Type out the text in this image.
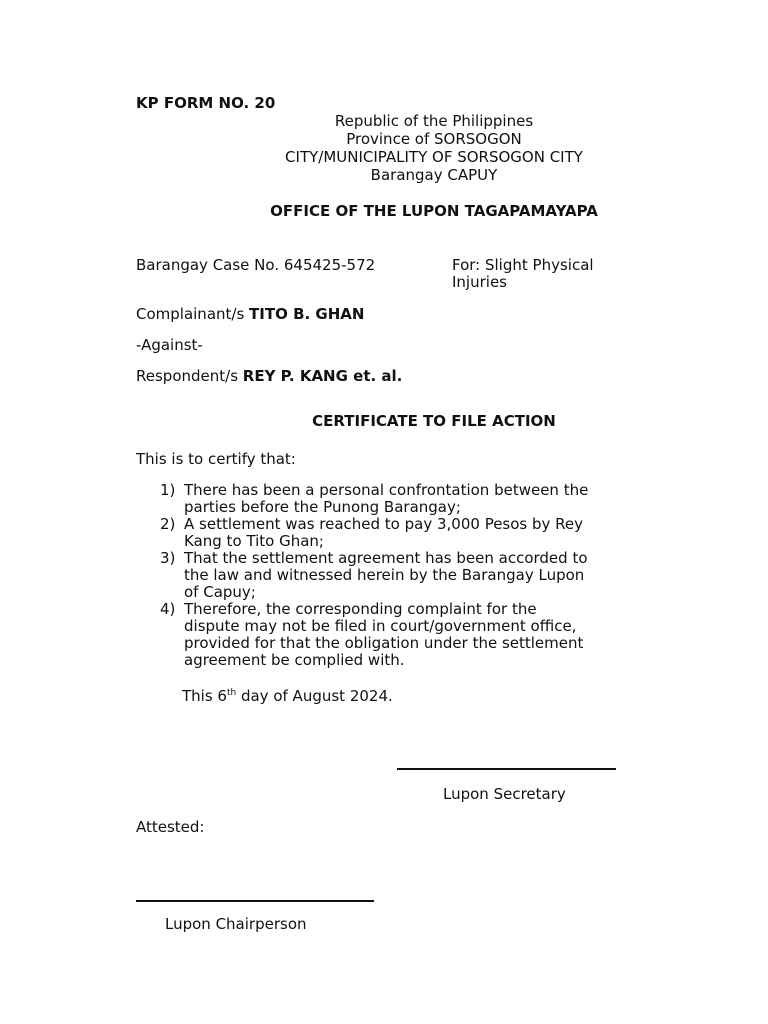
KP FORM NO. 20
Republic of the Philippines
Province of SORSOGON
CITY/MUNICIPALITY OF SORSOGON CITY
Barangay CAPUY
OFFICE OF THE LUPON TAGAPAMAYAPA
Barangay Case No. 645425-572	For: Slight Physical
Injuries
Complainant/s TITO B. GHAN
-Against-
Respondent/s REY P. KANG et. al.
CERTIFICATE TO FILE ACTION
This is to certify that:
1) There has been a personal confrontation between the
parties before the Punong Barangay;
2) A settlement was reached to pay 3,000 Pesos by Rey
Kang to Tito Ghan;
3) That the settlement agreement has been accorded to
the law and witnessed herein by the Barangay Lupon
of Capuy;
4) Therefore, the corresponding complaint for the
dispute may not be filed in court/government office,
provided for that the obligation under the settlement
agreement be complied with.
This 6th day of August 2024.
Lupon Secretary
Attested:
Lupon Chairperson
